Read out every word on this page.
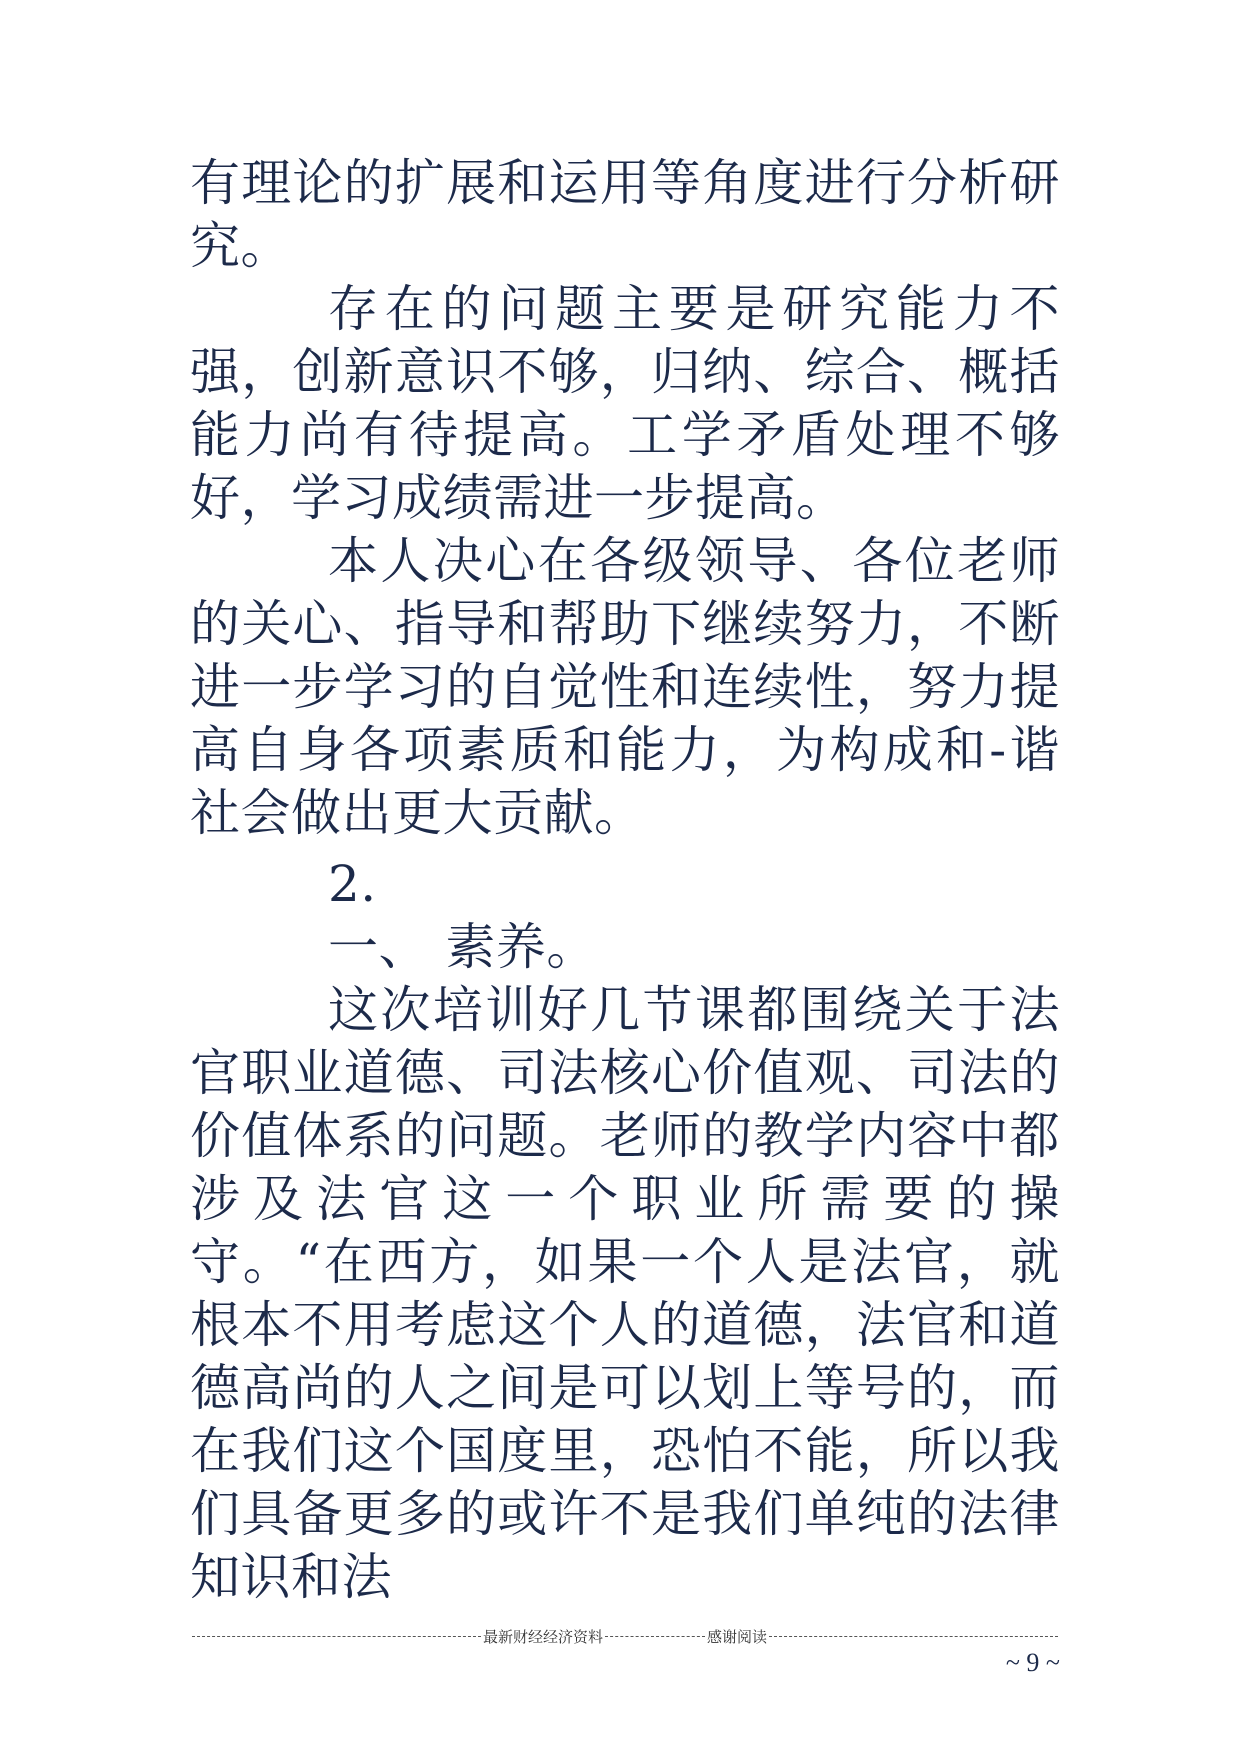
有理论的扩展和运用等角度进行分析研究。

存在的问题主要是研究能力不强，创新意识不够，归纳、综合、概括能力尚有待提高。工学矛盾处理不够好，学习成绩需进一步提高。

本人决心在各级领导、各位老师的关心、指导和帮助下继续努力，不断进一步学习的自觉性和连续性，努力提高自身各项素质和能力，为构成和-谐社会做出更大贡献。

2.

一、 素养。

这次培训好几节课都围绕关于法官职业道德、司法核心价值观、司法的价值体系的问题。老师的教学内容中都涉及法官这一个职业所需要的操守。“在西方，如果一个人是法官，就根本不用考虑这个人的道德，法官和道德高尚的人之间是可以划上等号的，而在我们这个国度里，恐怕不能，所以我们具备更多的或许不是我们单纯的法律知识和法

最新财经经济资料	感谢阅读
~ 9 ~
